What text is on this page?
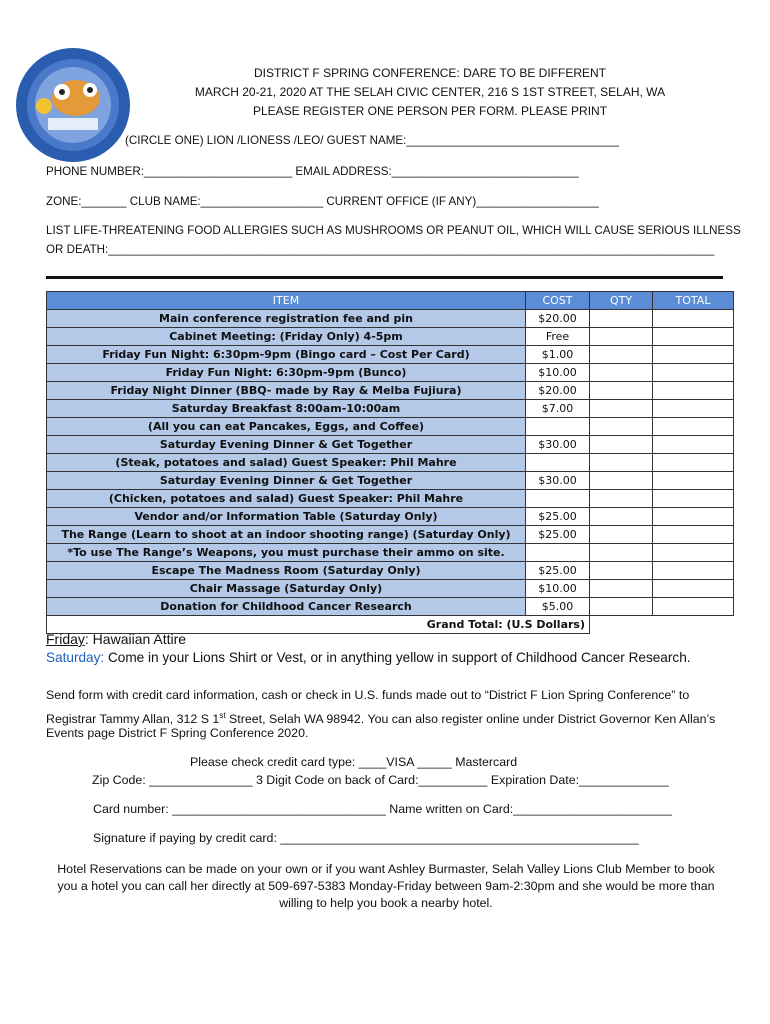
DISTRICT F SPRING CONFERENCE: DARE TO BE DIFFERENT
MARCH 20-21, 2020 AT THE SELAH CIVIC CENTER, 216 S 1ST STREET, SELAH, WA
PLEASE REGISTER ONE PERSON PER FORM. PLEASE PRINT
(CIRCLE ONE) LION /LIONESS /LEO/ GUEST NAME:_________________________________
PHONE NUMBER:_______________________ EMAIL ADDRESS:_____________________________
ZONE:_______ CLUB NAME:___________________ CURRENT OFFICE (IF ANY)___________________
LIST LIFE-THREATENING FOOD ALLERGIES SUCH AS MUSHROOMS OR PEANUT OIL, WHICH WILL CAUSE SERIOUS ILLNESS
OR DEATH:______________________________________________________________________________________________
ITEM	COST	QTY	TOTAL
Main conference registration fee and pin	$20.00		
Cabinet Meeting: (Friday Only) 4-5pm	Free		
Friday Fun Night: 6:30pm-9pm (Bingo card – Cost Per Card)	$1.00		
Friday Fun Night: 6:30pm-9pm (Bunco)	$10.00		
Friday Night Dinner (BBQ- made by Ray & Melba Fujiura)	$20.00		
Saturday Breakfast 8:00am-10:00am	$7.00		
(All you can eat Pancakes, Eggs, and Coffee)			
Saturday Evening Dinner & Get Together	$30.00		
(Steak, potatoes and salad) Guest Speaker: Phil Mahre			
Saturday Evening Dinner & Get Together	$30.00		
(Chicken, potatoes and salad) Guest Speaker: Phil Mahre			
Vendor and/or Information Table (Saturday Only)	$25.00		
The Range (Learn to shoot at an indoor shooting range) (Saturday Only)	$25.00		
*To use The Range’s Weapons, you must purchase their ammo on site.			
Escape The Madness Room (Saturday Only)	$25.00		
Chair Massage (Saturday Only)	$10.00		
Donation for Childhood Cancer Research	$5.00		
Grand Total: (U.S Dollars)			
Friday: Hawaiian Attire
Saturday: Come in your Lions Shirt or Vest, or in anything yellow in support of Childhood Cancer Research.
Send form with credit card information, cash or check in U.S. funds made out to “District F Lion Spring Conference” to
Registrar Tammy Allan, 312 S 1st Street, Selah WA 98942. You can also register online under District Governor Ken Allan’s
Events page District F Spring Conference 2020.
Please check credit card type: ____VISA _____ Mastercard
Zip Code: _______________ 3 Digit Code on back of Card:__________ Expiration Date:_____________
Card number: _______________________________ Name written on Card:_______________________
Signature if paying by credit card: ____________________________________________________
Hotel Reservations can be made on your own or if you want Ashley Burmaster, Selah Valley Lions Club Member to book
you a hotel you can call her directly at 509-697-5383 Monday-Friday between 9am-2:30pm and she would be more than
willing to help you book a nearby hotel.
